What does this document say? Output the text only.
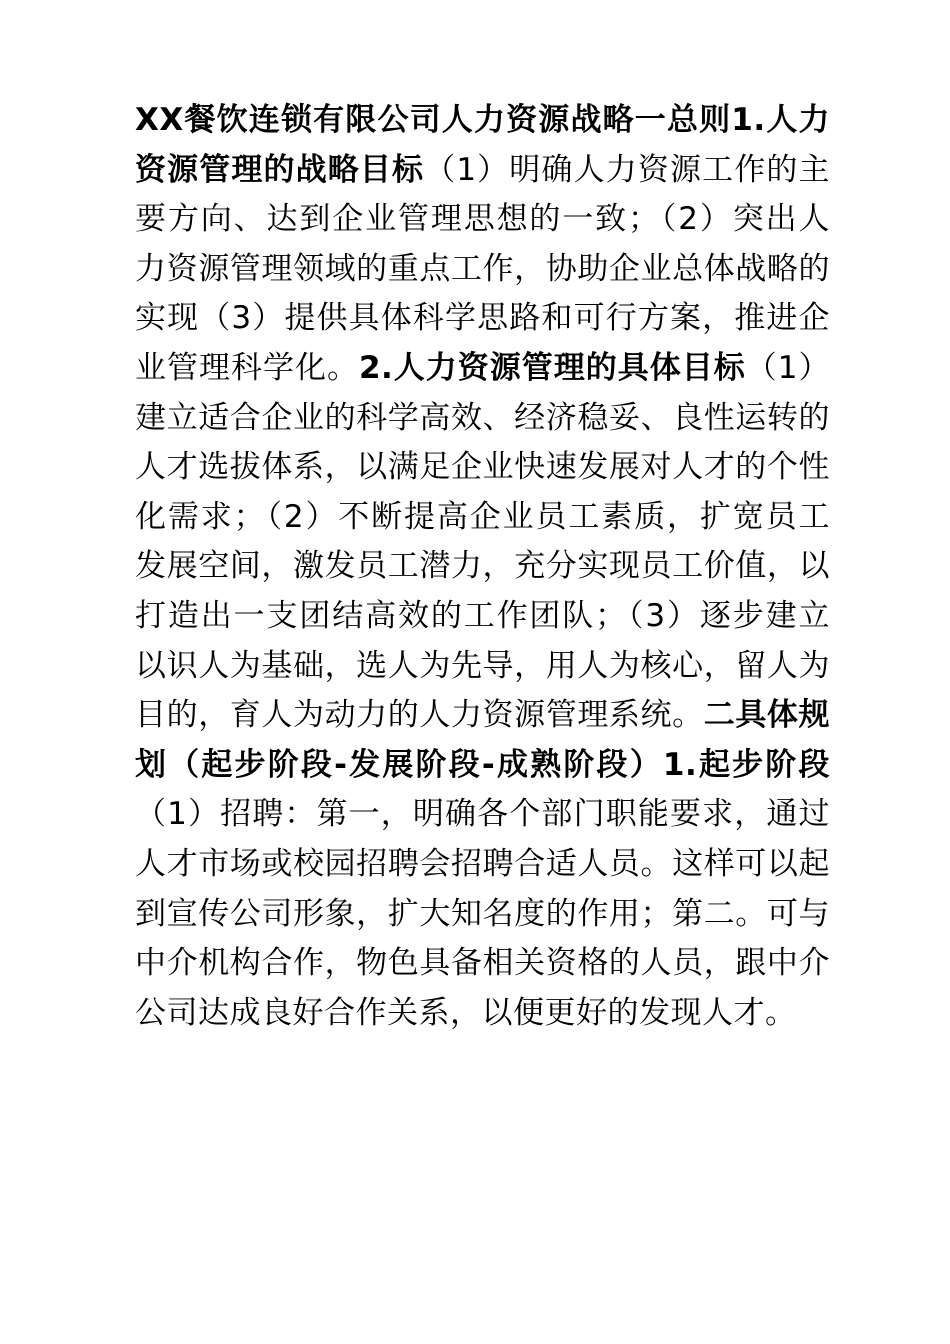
XX餐饮连锁有限公司人力资源战略一总则1.人力资源管理的战略目标（1）明确人力资源工作的主要方向、达到企业管理思想的一致；（2）突出人力资源管理领域的重点工作，协助企业总体战略的实现（3）提供具体科学思路和可行方案，推进企业管理科学化。2.人力资源管理的具体目标（1）建立适合企业的科学高效、经济稳妥、良性运转的人才选拔体系，以满足企业快速发展对人才的个性化需求；（2）不断提高企业员工素质，扩宽员工发展空间，激发员工潜力，充分实现员工价值，以打造出一支团结高效的工作团队；（3）逐步建立以识人为基础，选人为先导，用人为核心，留人为目的，育人为动力的人力资源管理系统。二具体规划（起步阶段-发展阶段-成熟阶段）1.起步阶段（1）招聘：第一，明确各个部门职能要求，通过人才市场或校园招聘会招聘合适人员。这样可以起到宣传公司形象，扩大知名度的作用；第二。可与中介机构合作，物色具备相关资格的人员，跟中介公司达成良好合作关系，以便更好的发现人才。
